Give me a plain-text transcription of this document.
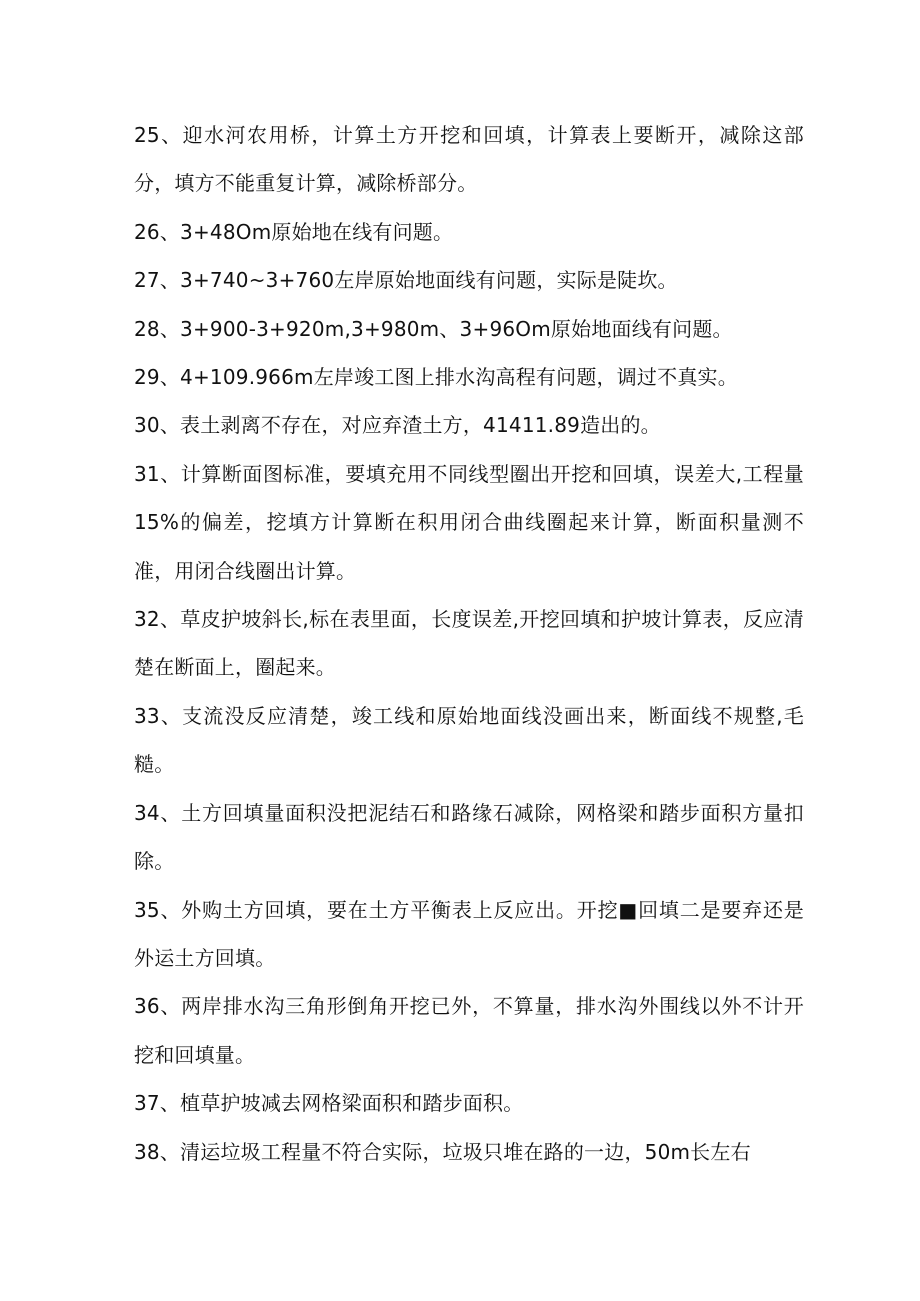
25、迎水河农用桥，计算土方开挖和回填，计算表上要断开，减除这部分，填方不能重复计算，减除桥部分。

26、3+48Om原始地在线有问题。

27、3+740~3+760左岸原始地面线有问题，实际是陡坎。

28、3+900-3+920m,3+980m、3+96Om原始地面线有问题。

29、4+109.966m左岸竣工图上排水沟高程有问题，调过不真实。

30、表土剥离不存在，对应弃渣土方，41411.89造出的。

31、计算断面图标准，要填充用不同线型圈出开挖和回填，误差大,工程量15%的偏差，挖填方计算断在积用闭合曲线圈起来计算，断面积量测不准，用闭合线圈出计算。

32、草皮护坡斜长,标在表里面，长度误差,开挖回填和护坡计算表，反应清楚在断面上，圈起来。

33、支流没反应清楚，竣工线和原始地面线没画出来，断面线不规整,毛糙。

34、土方回填量面积没把泥结石和路缘石减除，网格梁和踏步面积方量扣除。

35、外购土方回填，要在土方平衡表上反应出。开挖■回填二是要弃还是外运土方回填。

36、两岸排水沟三角形倒角开挖已外，不算量，排水沟外围线以外不计开挖和回填量。

37、植草护坡减去网格梁面积和踏步面积。

38、清运垃圾工程量不符合实际，垃圾只堆在路的一边，50m长左右
